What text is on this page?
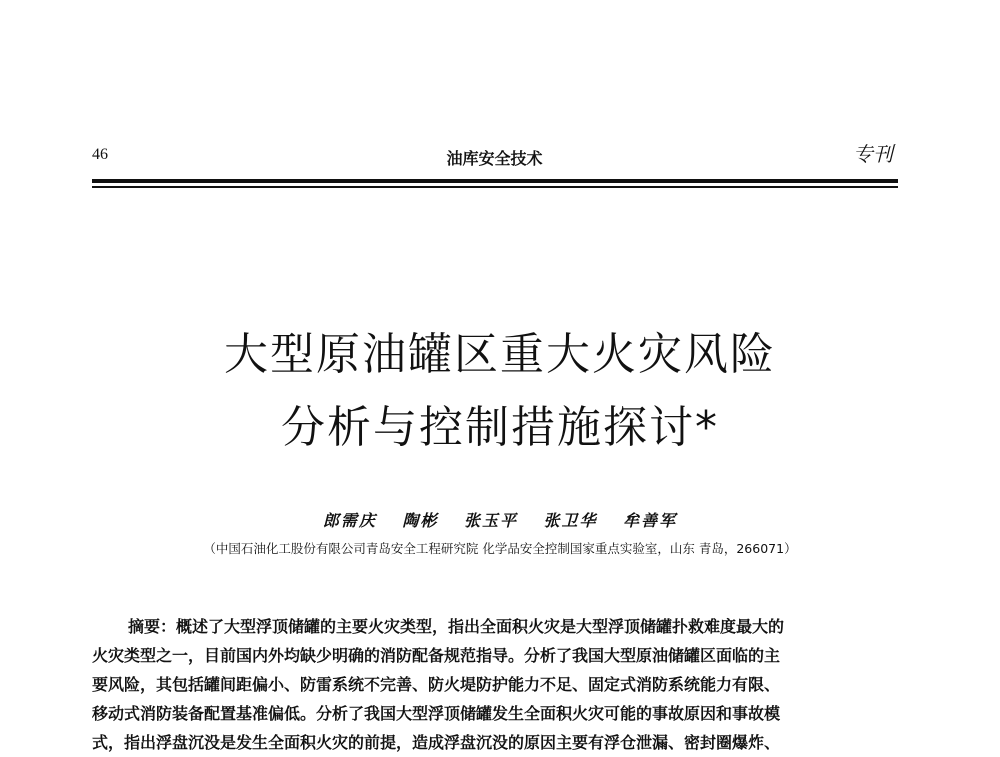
46	油库安全技术	专刊
大型原油罐区重大火灾风险
分析与控制措施探讨*
郎需庆 陶彬 张玉平 张卫华 牟善军
（中国石油化工股份有限公司青岛安全工程研究院 化学品安全控制国家重点实验室，山东 青岛，266071）
摘要：概述了大型浮顶储罐的主要火灾类型，指出全面积火灾是大型浮顶储罐扑救难度最大的
火灾类型之一，目前国内外均缺少明确的消防配备规范指导。分析了我国大型原油储罐区面临的主
要风险，其包括罐间距偏小、防雷系统不完善、防火堤防护能力不足、固定式消防系统能力有限、
移动式消防装备配置基准偏低。分析了我国大型浮顶储罐发生全面积火灾可能的事故原因和事故模
式，指出浮盘沉没是发生全面积火灾的前提，造成浮盘沉没的原因主要有浮仓泄漏、密封圈爆炸、
